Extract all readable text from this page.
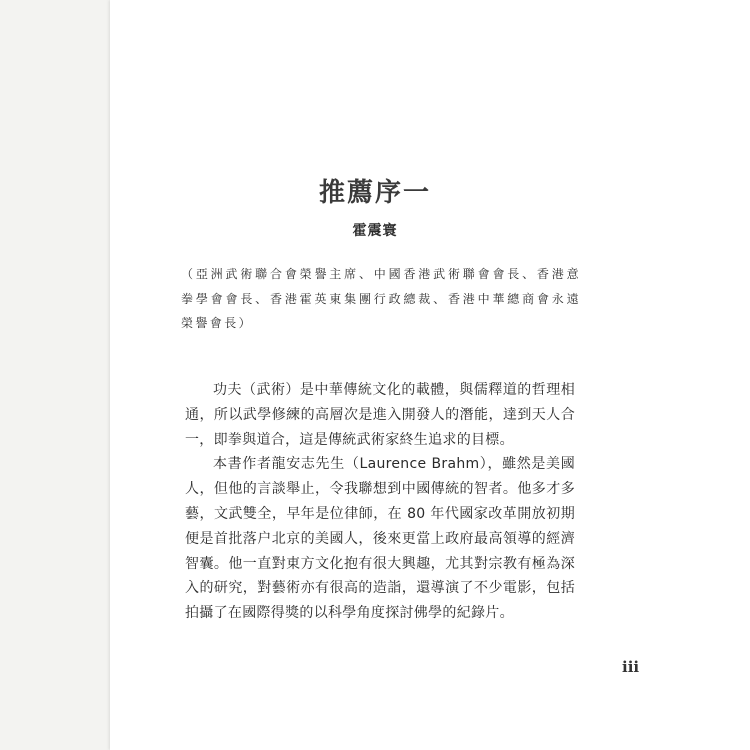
推薦序一
霍震寰
（亞洲武術聯合會榮譽主席、中國香港武術聯會會長、香港意拳學會會長、香港霍英東集團行政總裁、香港中華總商會永遠榮譽會長）

功夫（武術）是中華傳統文化的載體，與儒釋道的哲理相通，所以武學修練的高層次是進入開發人的潛能，達到天人合一，即拳與道合，這是傳統武術家終生追求的目標。

本書作者龍安志先生（Laurence Brahm），雖然是美國人，但他的言談舉止，令我聯想到中國傳統的智者。他多才多藝，文武雙全，早年是位律師，在 80 年代國家改革開放初期便是首批落户北京的美國人，後來更當上政府最高領導的經濟智囊。他一直對東方文化抱有很大興趣，尤其對宗教有極為深入的研究，對藝術亦有很高的造詣，還導演了不少電影，包括拍攝了在國際得獎的以科學角度探討佛學的紀錄片。

iii
